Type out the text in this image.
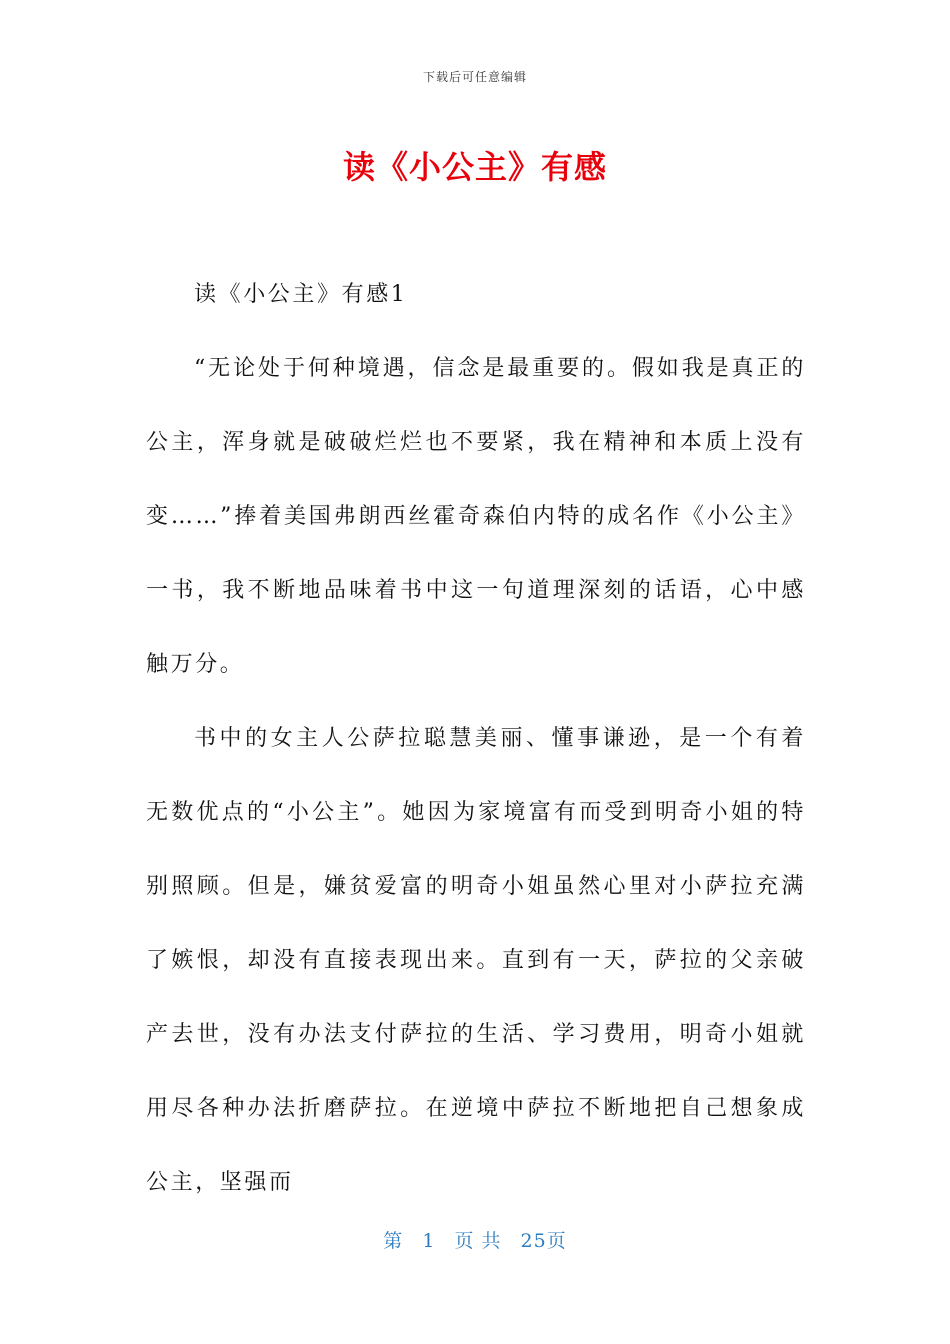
下载后可任意编辑
读《小公主》有感

读《小公主》有感1

“无论处于何种境遇，信念是最重要的。假如我是真正的公主，浑身就是破破烂烂也不要紧，我在精神和本质上没有变……”捧着美国弗朗西丝霍奇森伯内特的成名作《小公主》一书，我不断地品味着书中这一句道理深刻的话语，心中感触万分。

书中的女主人公萨拉聪慧美丽、懂事谦逊，是一个有着无数优点的“小公主”。她因为家境富有而受到明奇小姐的特别照顾。但是，嫌贫爱富的明奇小姐虽然心里对小萨拉充满了嫉恨，却没有直接表现出来。直到有一天，萨拉的父亲破产去世，没有办法支付萨拉的生活、学习费用，明奇小姐就用尽各种办法折磨萨拉。在逆境中萨拉不断地把自己想象成公主，坚强而

第 1 页 共 25页
